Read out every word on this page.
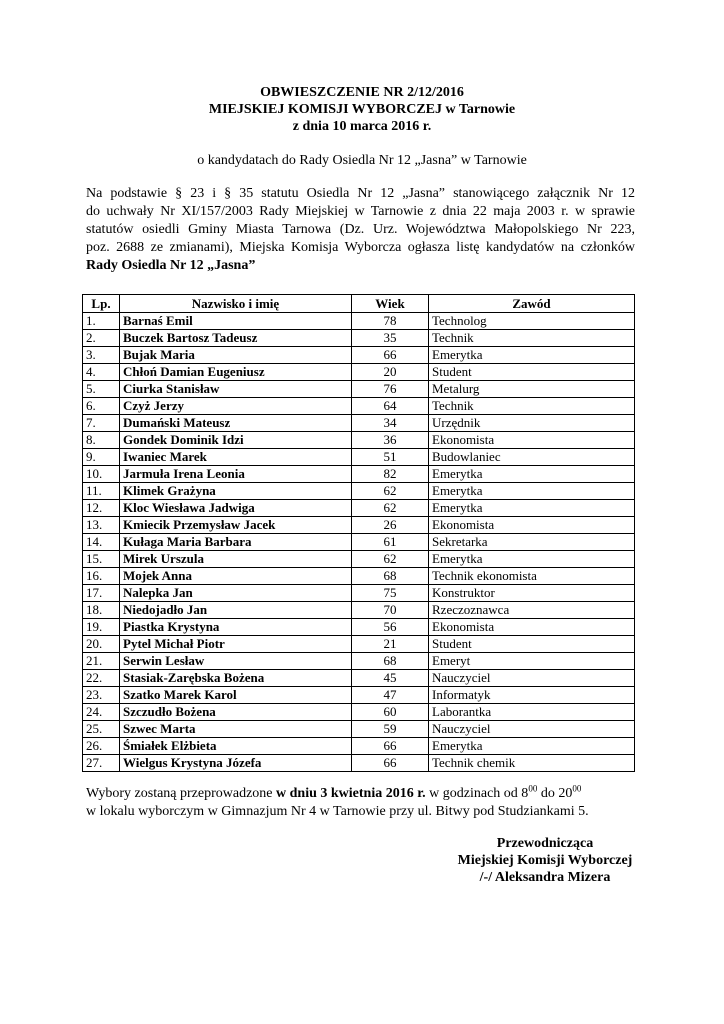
OBWIESZCZENIE NR 2/12/2016
MIEJSKIEJ KOMISJI WYBORCZEJ w Tarnowie
z dnia 10 marca 2016 r.
o kandydatach do Rady Osiedla Nr 12 „Jasna” w Tarnowie
Na podstawie § 23 i § 35 statutu Osiedla Nr 12 „Jasna” stanowiącego załącznik Nr 12
do uchwały Nr XI/157/2003 Rady Miejskiej w Tarnowie z dnia 22 maja 2003 r. w sprawie
statutów osiedli Gminy Miasta Tarnowa (Dz. Urz. Województwa Małopolskiego Nr 223,
poz. 2688 ze zmianami), Miejska Komisja Wyborcza ogłasza listę kandydatów na członków
Rady Osiedla Nr 12 „Jasna”
Lp.	Nazwisko i imię	Wiek	Zawód
1.	Barnaś Emil	78	Technolog
2.	Buczek Bartosz Tadeusz	35	Technik
3.	Bujak Maria	66	Emerytka
4.	Chłoń Damian Eugeniusz	20	Student
5.	Ciurka Stanisław	76	Metalurg
6.	Czyż Jerzy	64	Technik
7.	Dumański Mateusz	34	Urzędnik
8.	Gondek Dominik Idzi	36	Ekonomista
9.	Iwaniec Marek	51	Budowlaniec
10.	Jarmuła Irena Leonia	82	Emerytka
11.	Klimek Grażyna	62	Emerytka
12.	Kloc Wiesława Jadwiga	62	Emerytka
13.	Kmiecik Przemysław Jacek	26	Ekonomista
14.	Kułaga Maria Barbara	61	Sekretarka
15.	Mirek Urszula	62	Emerytka
16.	Mojek Anna	68	Technik ekonomista
17.	Nalepka Jan	75	Konstruktor
18.	Niedojadło Jan	70	Rzeczoznawca
19.	Piastka Krystyna	56	Ekonomista
20.	Pytel Michał Piotr	21	Student
21.	Serwin Lesław	68	Emeryt
22.	Stasiak-Zarębska Bożena	45	Nauczyciel
23.	Szatko Marek Karol	47	Informatyk
24.	Szczudło Bożena	60	Laborantka
25.	Szwec Marta	59	Nauczyciel
26.	Śmiałek Elżbieta	66	Emerytka
27.	Wielgus Krystyna Józefa	66	Technik chemik
Wybory zostaną przeprowadzone w dniu 3 kwietnia 2016 r. w godzinach od $8^{00}$ do $20^{00}$
w lokalu wyborczym w Gimnazjum Nr 4 w Tarnowie przy ul. Bitwy pod Studziankami 5.
Przewodnicząca
Miejskiej Komisji Wyborczej
/-/ Aleksandra Mizera
